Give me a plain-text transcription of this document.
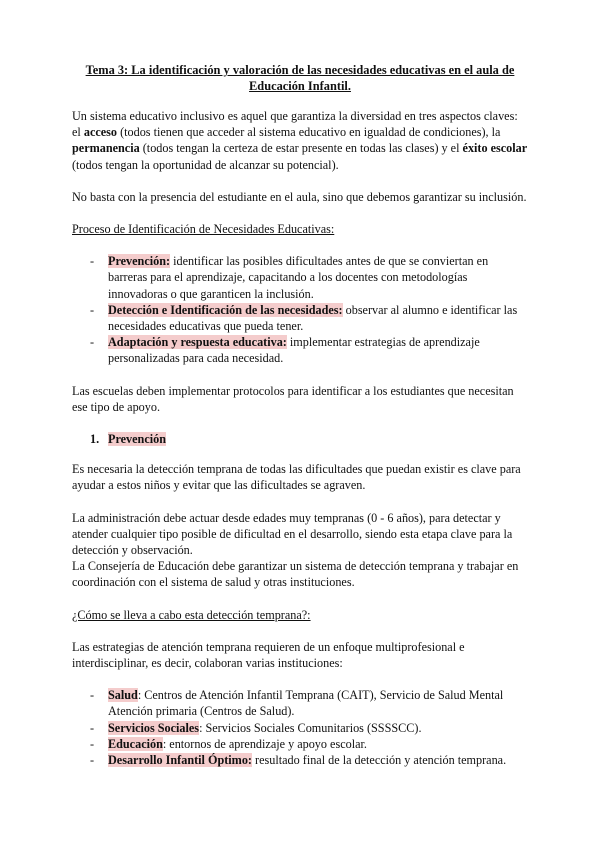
Tema 3: La identificación y valoración de las necesidades educativas en el aula de
Educación Infantil.

Un sistema educativo inclusivo es aquel que garantiza la diversidad en tres aspectos claves: el acceso (todos tienen que acceder al sistema educativo en igualdad de condiciones), la permanencia (todos tengan la certeza de estar presente en todas las clases) y el éxito escolar (todos tengan la oportunidad de alcanzar su potencial).

No basta con la presencia del estudiante en el aula, sino que debemos garantizar su inclusión.

Proceso de Identificación de Necesidades Educativas:

- Prevención: identificar las posibles dificultades antes de que se conviertan en barreras para el aprendizaje, capacitando a los docentes con metodologías innovadoras o que garanticen la inclusión.
- Detección e Identificación de las necesidades: observar al alumno e identificar las necesidades educativas que pueda tener.
- Adaptación y respuesta educativa: implementar estrategias de aprendizaje personalizadas para cada necesidad.

Las escuelas deben implementar protocolos para identificar a los estudiantes que necesitan ese tipo de apoyo.

1. Prevención

Es necesaria la detección temprana de todas las dificultades que puedan existir es clave para ayudar a estos niños y evitar que las dificultades se agraven.

La administración debe actuar desde edades muy tempranas (0 - 6 años), para detectar y atender cualquier tipo posible de dificultad en el desarrollo, siendo esta etapa clave para la detección y observación.

La Consejería de Educación debe garantizar un sistema de detección temprana y trabajar en coordinación con el sistema de salud y otras instituciones.

¿Cómo se lleva a cabo esta detección temprana?:

Las estrategias de atención temprana requieren de un enfoque multiprofesional e interdisciplinar, es decir, colaboran varias instituciones:

- Salud: Centros de Atención Infantil Temprana (CAIT), Servicio de Salud Mental Atención primaria (Centros de Salud).
- Servicios Sociales: Servicios Sociales Comunitarios (SSSSCC).
- Educación: entornos de aprendizaje y apoyo escolar.
- Desarrollo Infantil Óptimo: resultado final de la detección y atención temprana.
